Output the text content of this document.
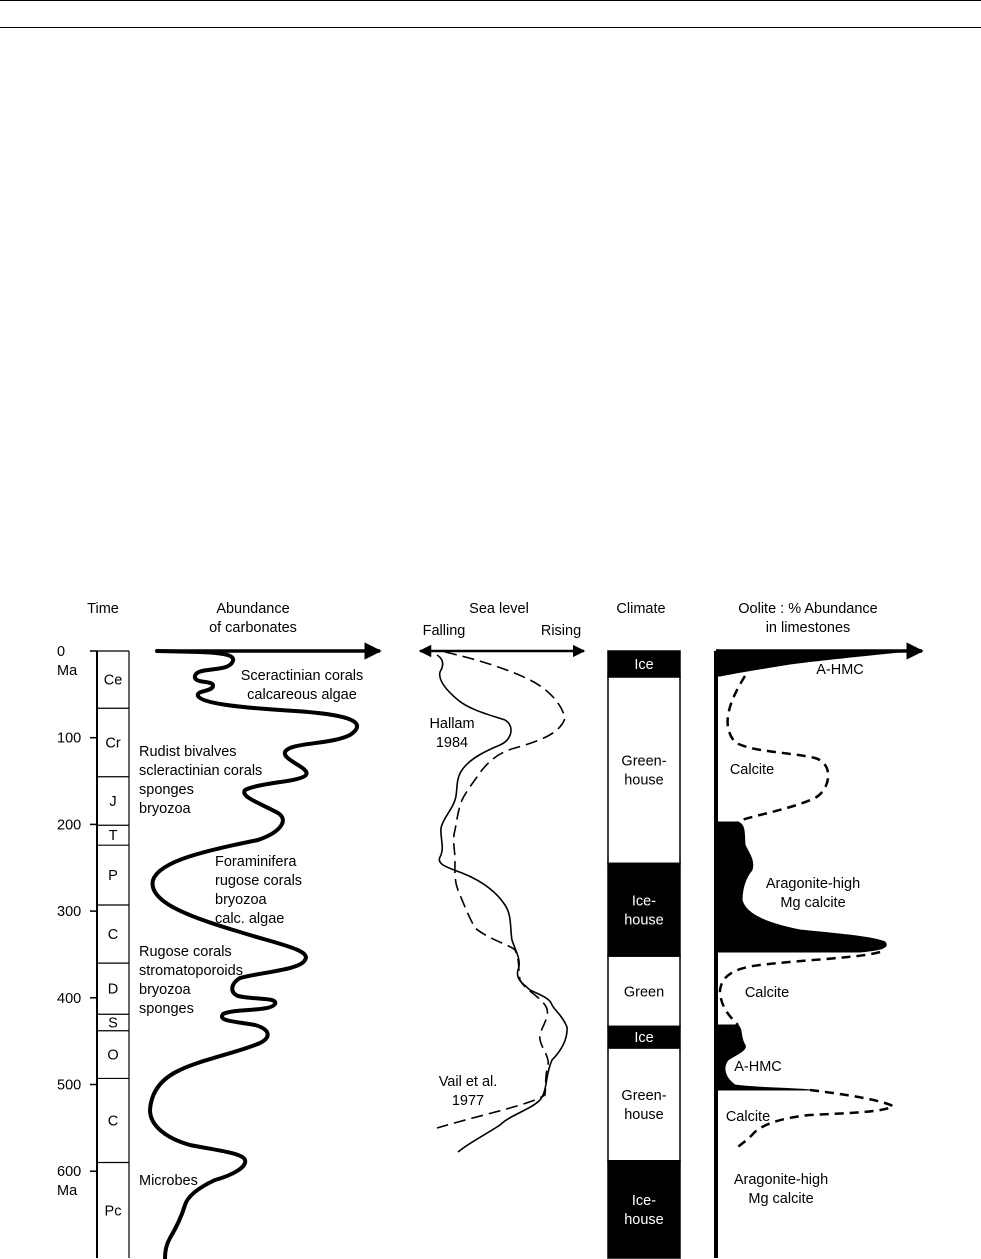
Time	Abundance
of carbonates
Sea level	Climate	Oolite : % Abundance
in limestones
Falling	Rising
Ce
Cr
J
T
P
C
D
S
O
C
Pc
0
Ma
100
200
300
400
500
600
Ma
Sceractinian corals
calcareous algae
Rudist bivalves
scleractinian corals
sponges
bryozoa
Foraminifera
rugose corals
bryozoa
calc. algae
Rugose corals
stromatoporoids
bryozoa
sponges
Microbes
Hallam
1984
Vail et al.
1977
Ice
Green-
house
Ice-
house
Green
Ice
Green-
house
Ice-
house
A-HMC
Calcite
Aragonite-high
Mg calcite
Calcite
A-HMC
Calcite
Aragonite-high
Mg calcite
